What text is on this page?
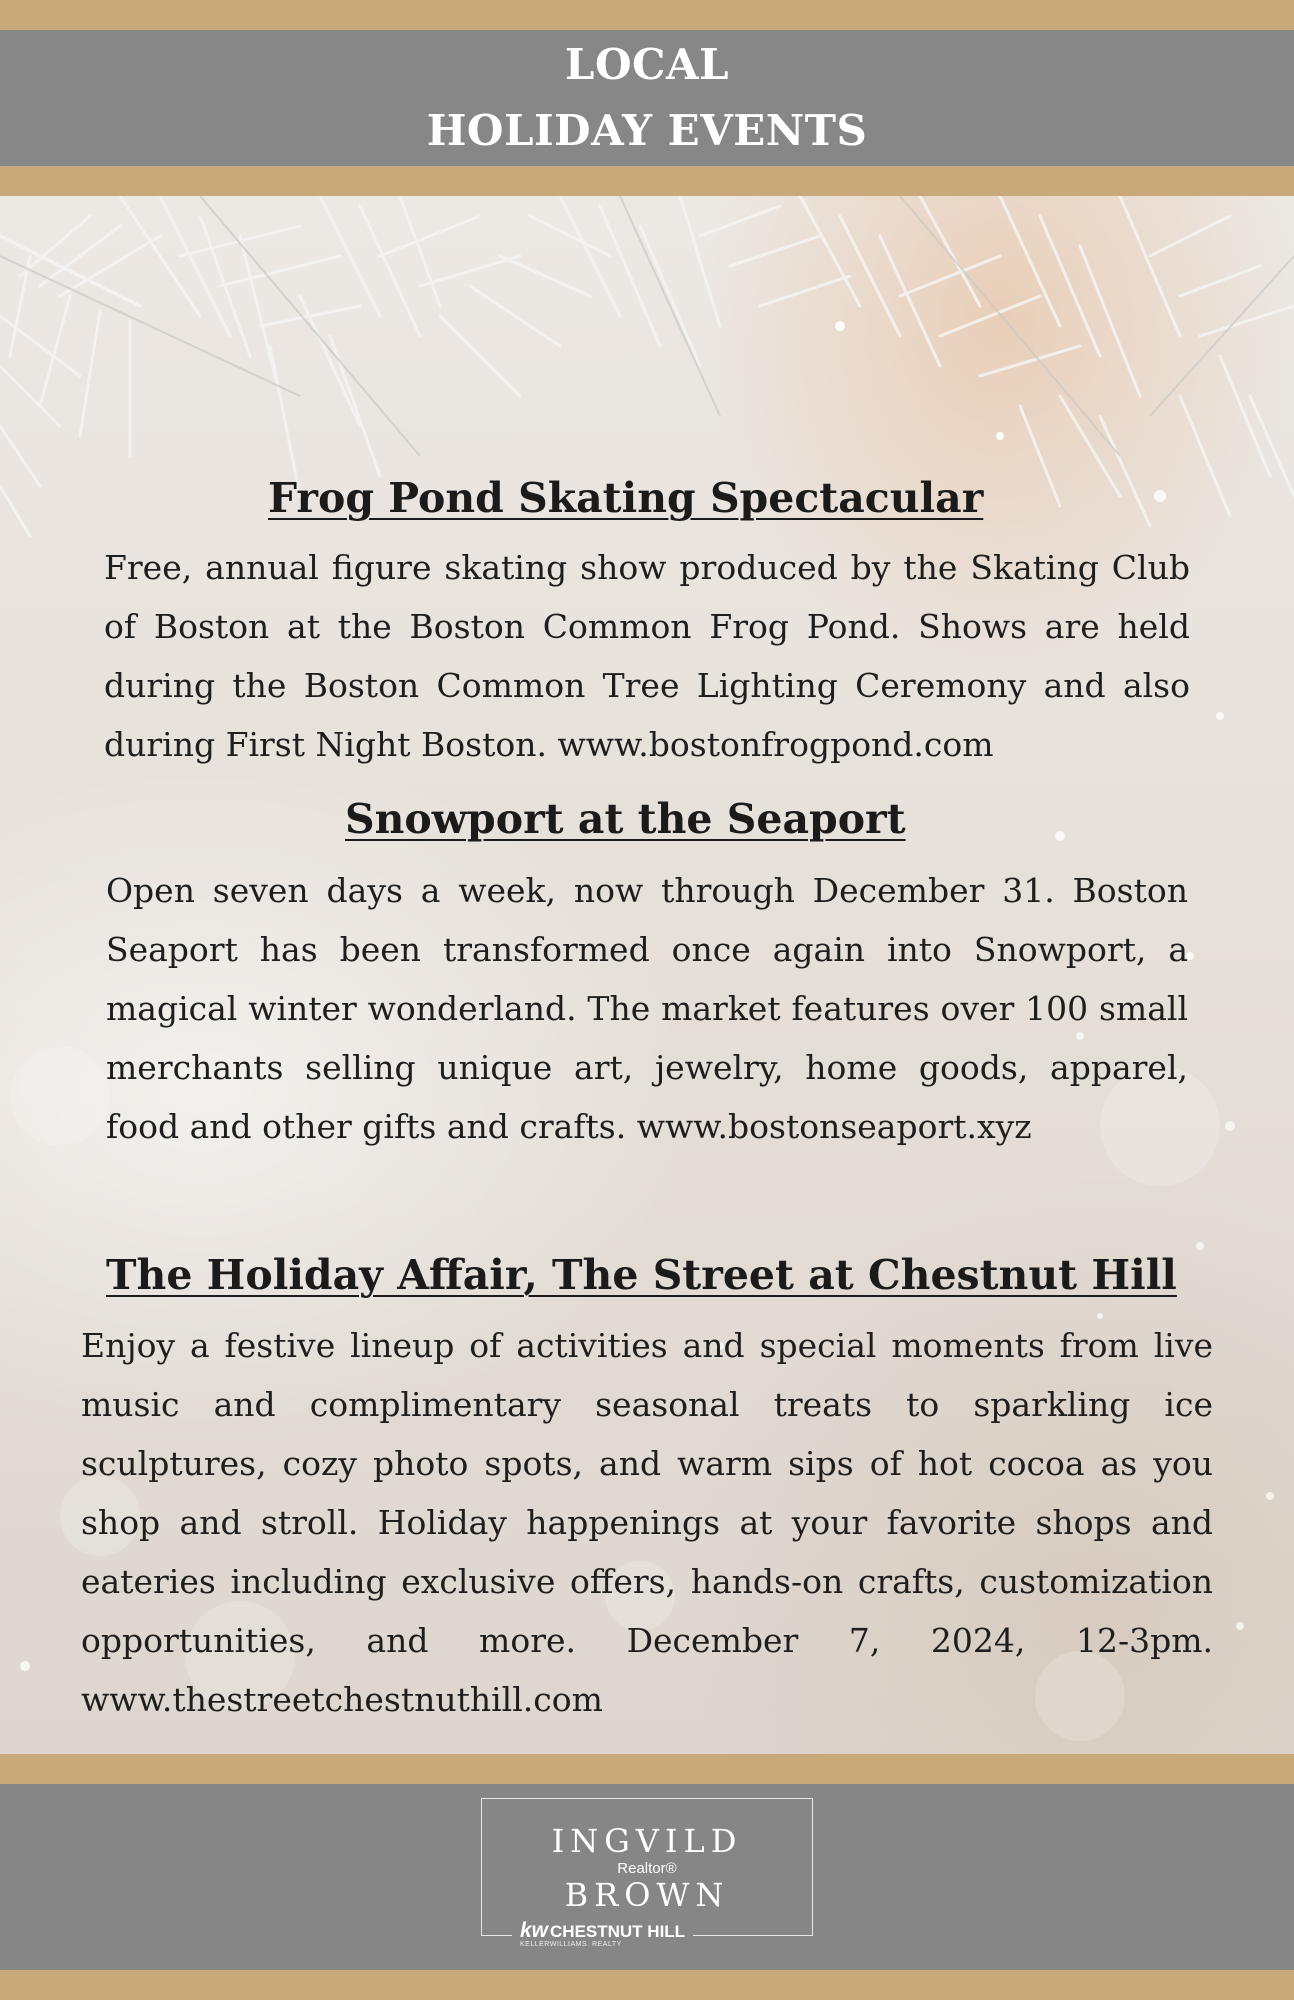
LOCAL
HOLIDAY EVENTS
Frog Pond Skating Spectacular

Free, annual figure skating show produced by the Skating Club of Boston at the Boston Common Frog Pond. Shows are held during the Boston Common Tree Lighting Ceremony and also during First Night Boston. www.bostonfrogpond.com

Snowport at the Seaport

Open seven days a week, now through December 31. Boston Seaport has been transformed once again into Snowport, a magical winter wonderland. The market features over 100 small merchants selling unique art, jewelry, home goods, apparel, food and other gifts and crafts. www.bostonseaport.xyz

The Holiday Affair, The Street at Chestnut Hill

Enjoy a festive lineup of activities and special moments from live music and complimentary seasonal treats to sparkling ice sculptures, cozy photo spots, and warm sips of hot cocoa as you shop and stroll. Holiday happenings at your favorite shops and eateries including exclusive offers, hands-on crafts, customization opportunities, and more. December 7, 2024, 12-3pm. www.thestreetchestnuthill.com

INGVILD
Realtor®
BROWN
kw CHESTNUT HILL
KELLERWILLIAMS. REALTY
